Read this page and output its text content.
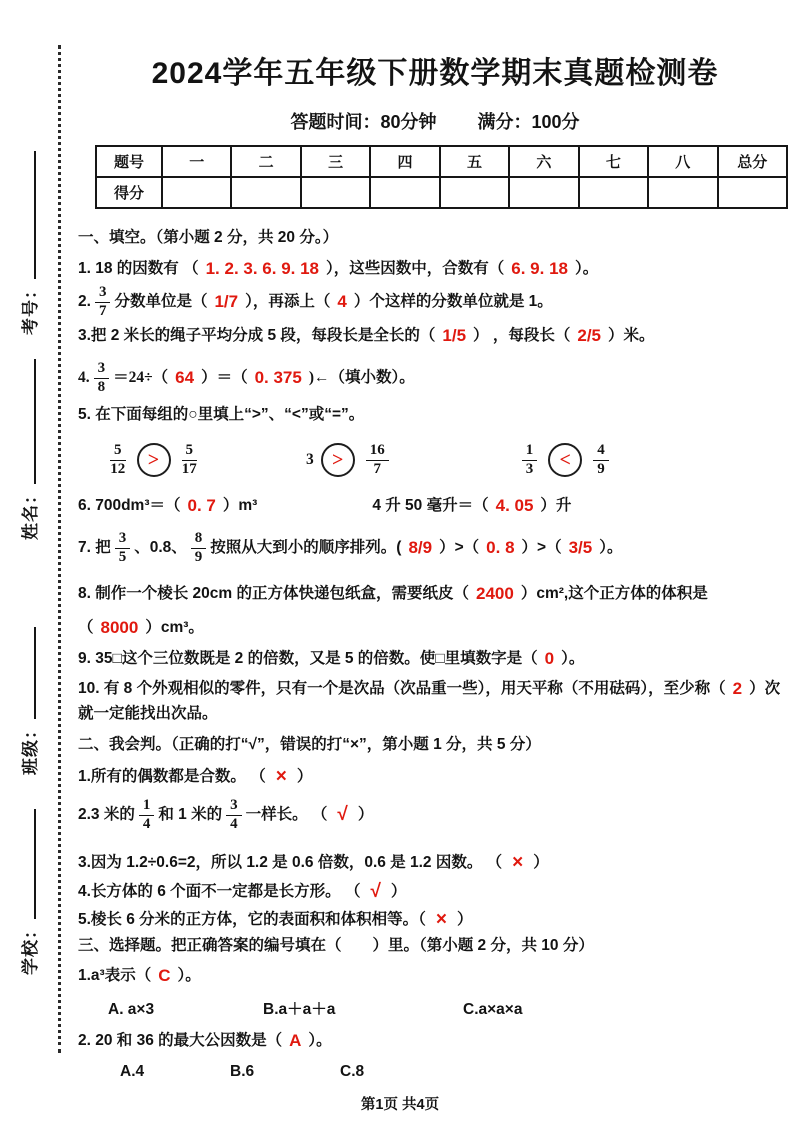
考号：
姓名：
班级：
学校：
2024学年五年级下册数学期末真题检测卷
答题时间：80分钟 满分：100分
题号	一	二	三	四	五	六	七	八	总分
得分									
一、填空。（第小题 2 分，共 20 分。）
1. 18 的因数有 （ 1. 2. 3. 6. 9. 18 ），这些因数中，合数有（ 6. 9. 18 ）。
2. $\frac{3}{7}$ 分数单位是（ 1/7 ），再添上（ 4 ）个这样的分数单位就是 1。
3.把 2 米长的绳子平均分成 5 段，每段长是全长的（ 1/5 ） ，每段长（ 2/5 ）米。
4. $\frac{3}{8} =24\div$（ 64 ）＝（ 0. 375 )←（填小数）。
5. 在下面每组的○里填上“>”、“<”或“=”。
$\frac{5}{12} > \frac{5}{17}$	$3 > \frac{16}{7}$	$\frac{1}{3} < \frac{4}{9}$
6. 700dm³＝（ 0. 7 ）m³	4 升 50 毫升＝（ 4. 05 ）升
7. 把 $\frac{3}{5}$ 、0.8、 $\frac{8}{9}$ 按照从大到小的顺序排列。( 8/9 ）>（ 0. 8 ）>（ 3/5 ）。
8. 制作一个棱长 20cm 的正方体快递包纸盒，需要纸皮（ 2400 ）cm²,这个正方体的体积是
（ 8000 ）cm³。
9. 35□这个三位数既是 2 的倍数，又是 5 的倍数。使□里填数字是（ 0 ）。
10. 有 8 个外观相似的零件，只有一个是次品（次品重一些），用天平称（不用砝码），至少称（ 2 ）次
就一定能找出次品。
二、我会判。（正确的打“√”，错误的打“×”，第小题 1 分，共 5 分）
1.所有的偶数都是合数。 （ × ）
2.3 米的 $\frac{1}{4}$ 和 1 米的 $\frac{3}{4}$ 一样长。 （ √ ）
3.因为 1.2÷0.6=2，所以 1.2 是 0.6 倍数，0.6 是 1.2 因数。 （ × ）
4.长方体的 6 个面不一定都是长方形。 （ √ ）
5.棱长 6 分米的正方体，它的表面积和体积相等。（ × ）
三、选择题。把正确答案的编号填在（　　）里。（第小题 2 分，共 10 分）
1.a³表示（ C ）。
A. a×3	B.a＋a＋a	C.a×a×a
2. 20 和 36 的最大公因数是（ A ）。
A.4	B.6	C.8
第1页 共4页
